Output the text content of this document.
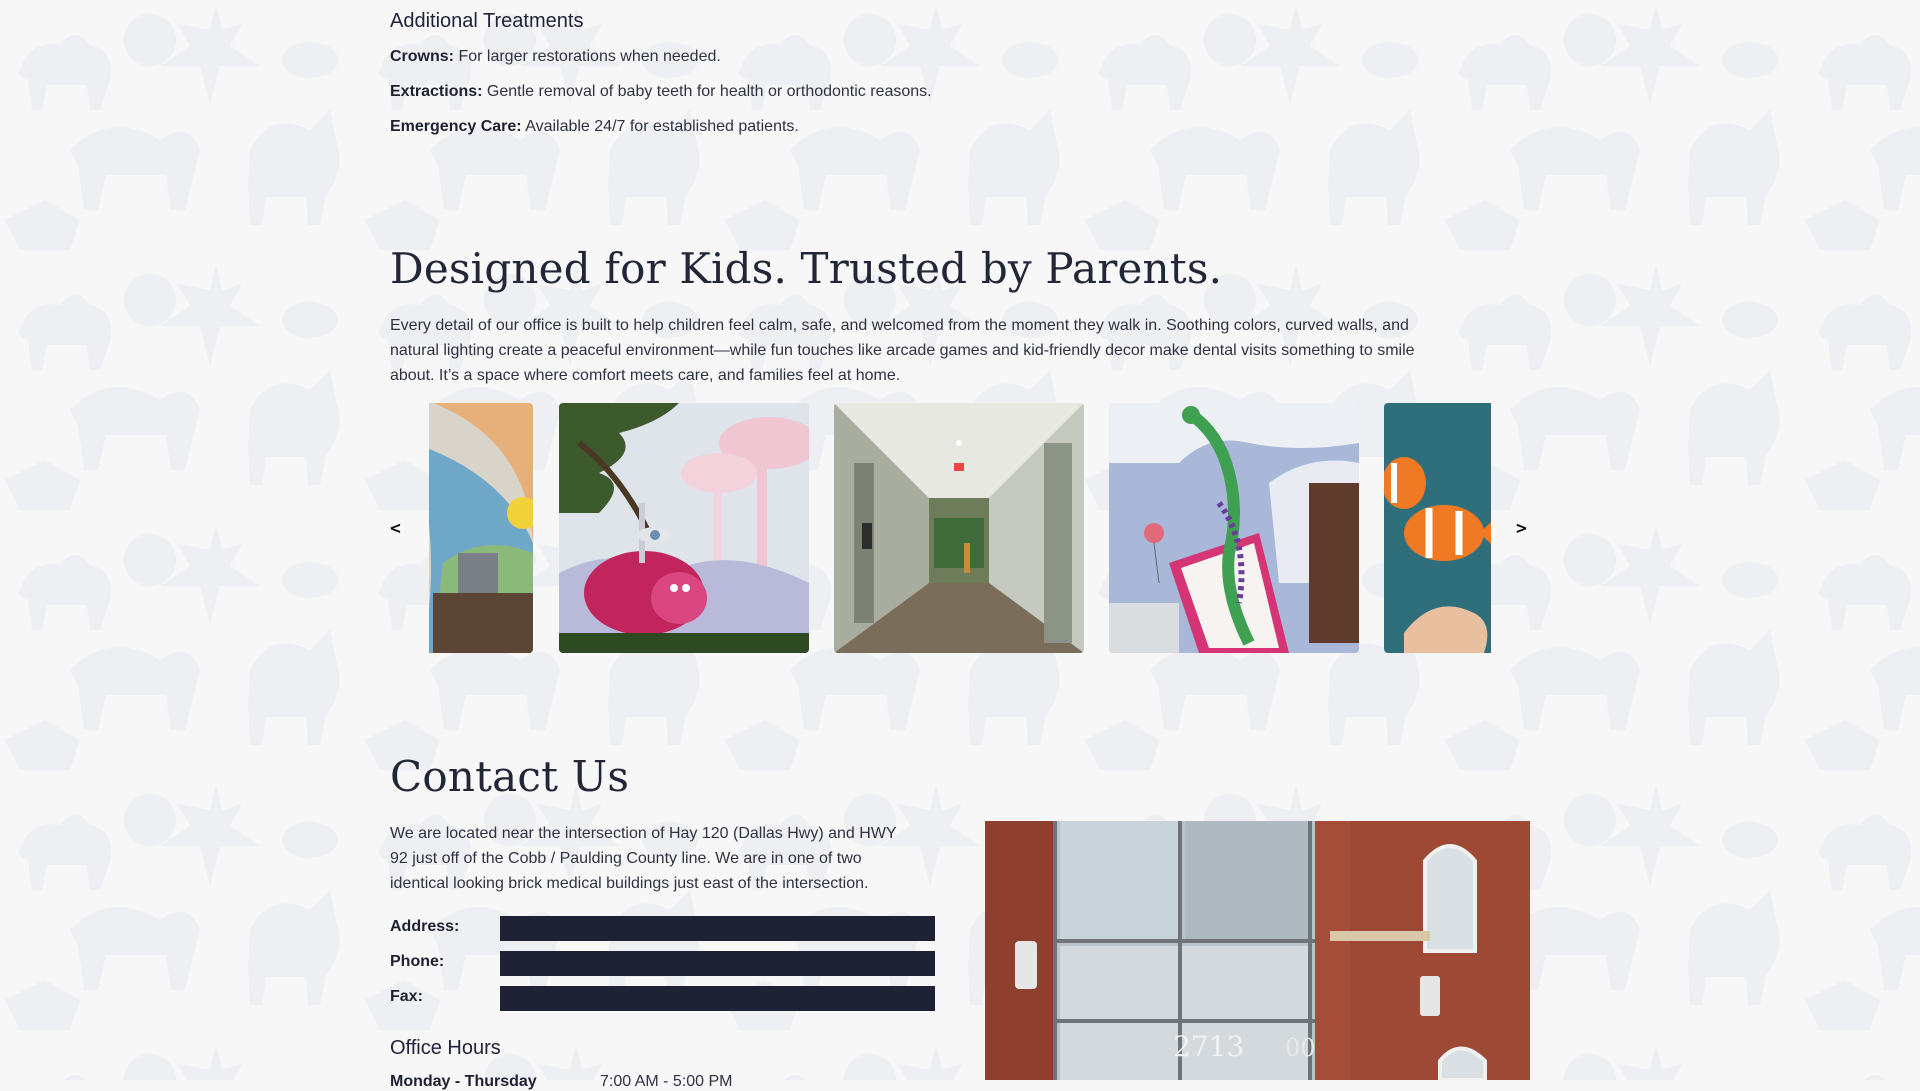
Additional Treatments

Crowns: For larger restorations when needed.

Extractions: Gentle removal of baby teeth for health or orthodontic reasons.

Emergency Care: Available 24/7 for established patients.

Designed for Kids. Trusted by Parents.

Every detail of our office is built to help children feel calm, safe, and welcomed from the moment they walk in. Soothing colors, curved walls, and

natural lighting create a peaceful environment—while fun touches like arcade games and kid-friendly decor make dental visits something to smile

about. It’s a space where comfort meets care, and families feel at home.

<	>
Contact Us

We are located near the intersection of Hay 120 (Dallas Hwy) and HWY

92 just off of the Cobb / Paulding County line. We are in one of two

identical looking brick medical buildings just east of the intersection.

Address:
Phone:
Fax:
Office Hours
Monday - Thursday	7:00 AM - 5:00 PM
2713 00
